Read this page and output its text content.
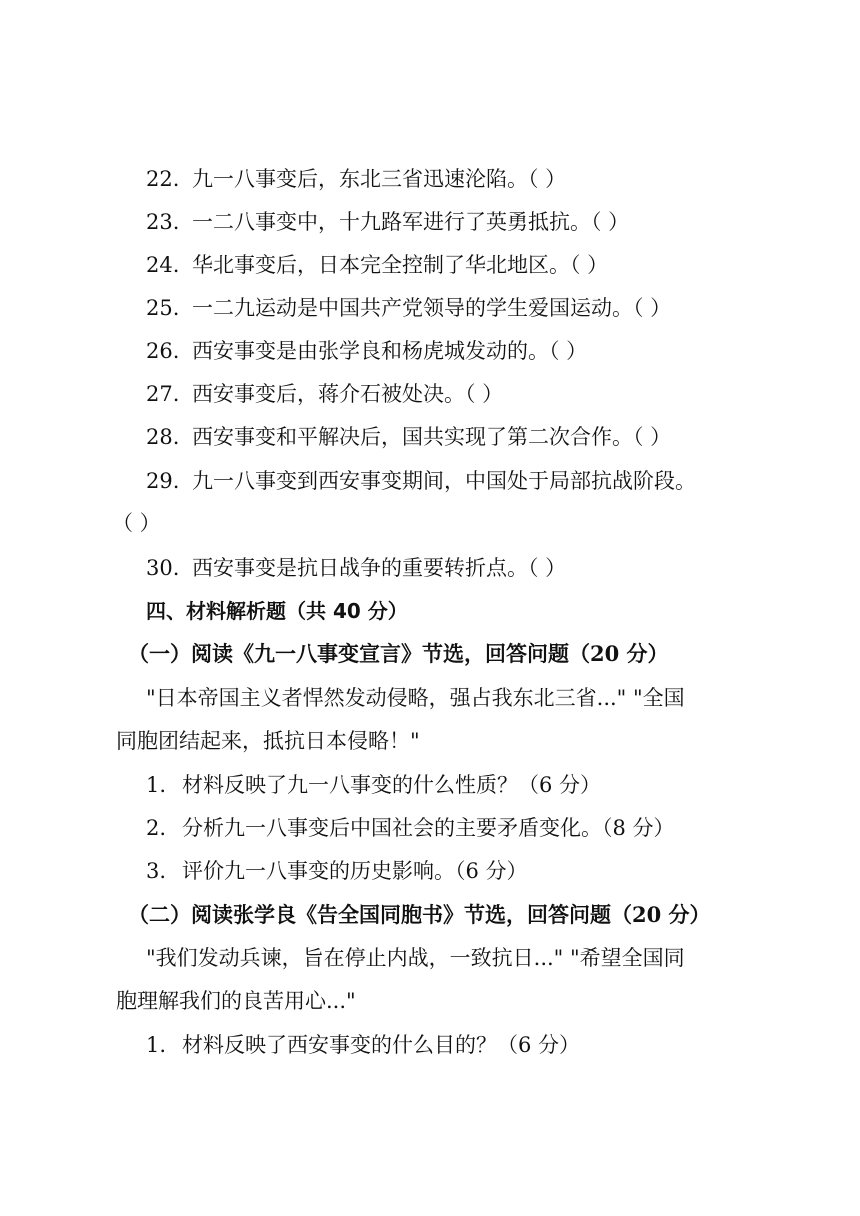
22. 九一八事变后，东北三省迅速沦陷。（ ）
23. 一二八事变中，十九路军进行了英勇抵抗。（ ）
24. 华北事变后，日本完全控制了华北地区。（ ）
25. 一二九运动是中国共产党领导的学生爱国运动。（ ）
26. 西安事变是由张学良和杨虎城发动的。（ ）
27. 西安事变后，蒋介石被处决。（ ）
28. 西安事变和平解决后，国共实现了第二次合作。（ ）
29. 九一八事变到西安事变期间，中国处于局部抗战阶段。
（ ）
30. 西安事变是抗日战争的重要转折点。（ ）
四、材料解析题（共 40 分）
（一）阅读《九一八事变宣言》节选，回答问题（20 分）
"日本帝国主义者悍然发动侵略，强占我东北三省..." "全国
同胞团结起来，抵抗日本侵略！"
1. 材料反映了九一八事变的什么性质？（6 分）
2. 分析九一八事变后中国社会的主要矛盾变化。（8 分）
3. 评价九一八事变的历史影响。（6 分）
（二）阅读张学良《告全国同胞书》节选，回答问题（20 分）
"我们发动兵谏，旨在停止内战，一致抗日..." "希望全国同
胞理解我们的良苦用心..."
1. 材料反映了西安事变的什么目的？（6 分）
